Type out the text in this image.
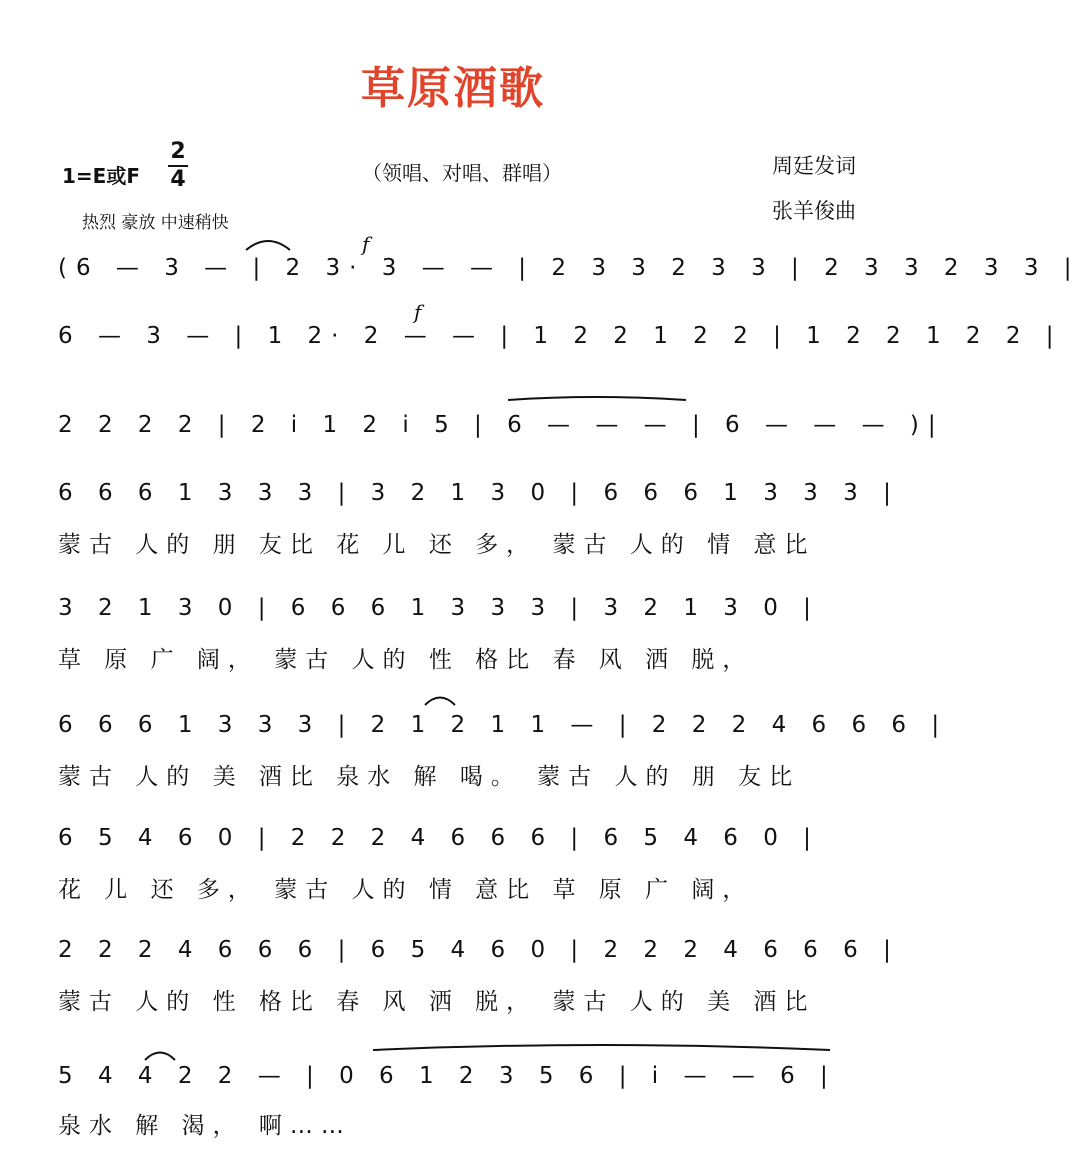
草原酒歌
1=E或F
2
4	（领唱、对唱、群唱）	周廷发词
张羊俊曲
热烈 豪放 中速稍快
(6 — 3 — | 2 3· 3 — — | 2 3 3 2 3 3 | 2 3 3 2 3 3 |
f
6 — 3 — | 1 2· 2 — — | 1 2 2 1 2 2 | 1 2 2 1 2 2 |
f
2 2 2 2 | 2 i 1 2 i 5 | 6 — — — | 6 — — — )|
6 6 6 1 3 3 3 | 3 2 1 3 0 | 6 6 6 1 3 3 3 |
蒙古 人的 朋 友比 花 儿 还 多， 蒙古 人的 情 意比
3 2 1 3 0 | 6 6 6 1 3 3 3 | 3 2 1 3 0 |
草 原 广 阔， 蒙古 人的 性 格比 春 风 洒 脱，
6 6 6 1 3 3 3 | 2 1 2 1 1 — | 2 2 2 4 6 6 6 |
蒙古 人的 美 酒比 泉水 解 喝。 蒙古 人的 朋 友比
6 5 4 6 0 | 2 2 2 4 6 6 6 | 6 5 4 6 0 |
花 儿 还 多， 蒙古 人的 情 意比 草 原 广 阔，
2 2 2 4 6 6 6 | 6 5 4 6 0 | 2 2 2 4 6 6 6 |
蒙古 人的 性 格比 春 风 洒 脱， 蒙古 人的 美 酒比
5 4 4 2 2 — | 0 6 1 2 3 5 6 | i — — 6 |
泉水 解 渴， 啊……
